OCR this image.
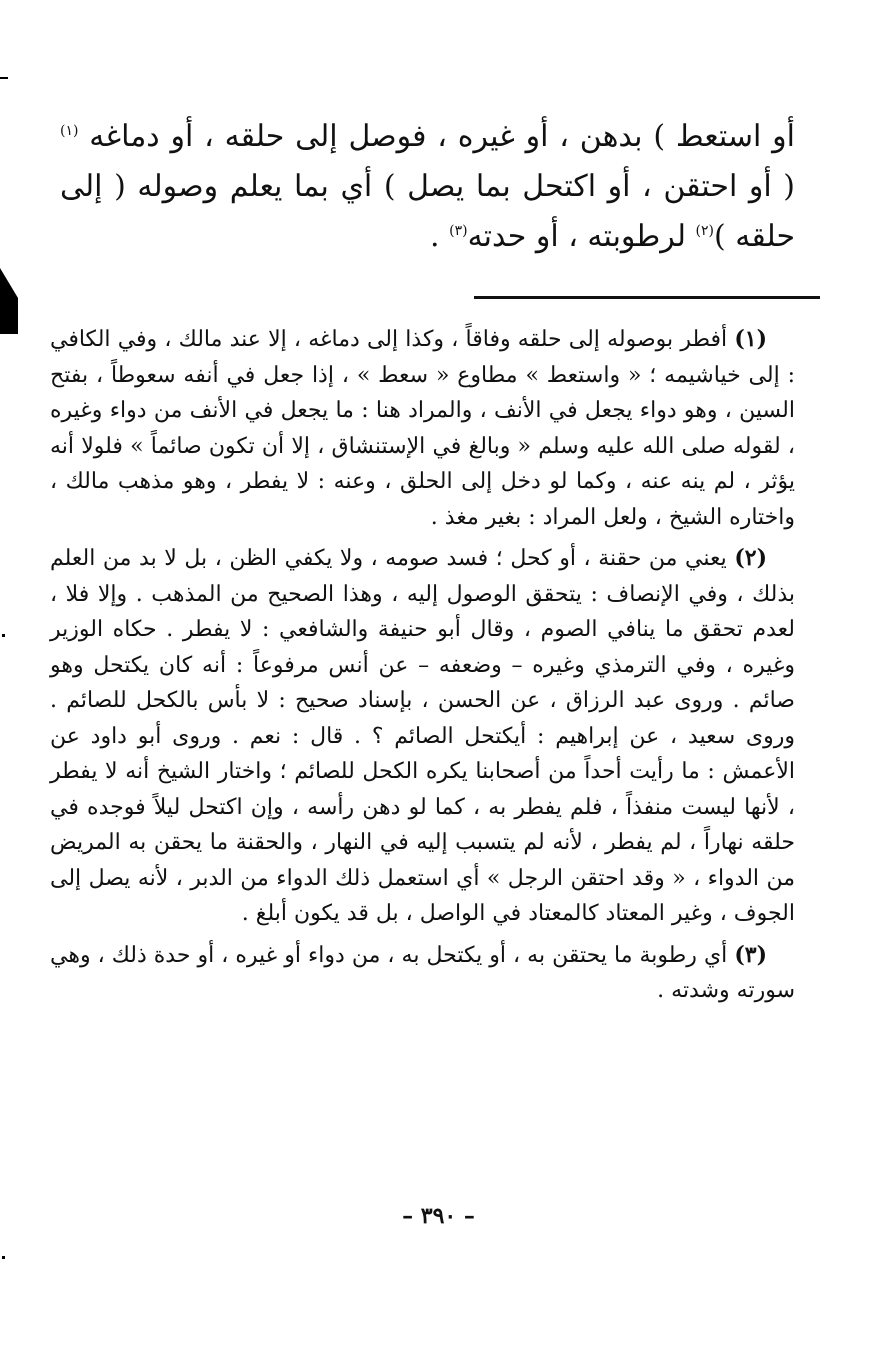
أو استعط ) بدهن ، أو غيره ، فوصل إلى حلقه ، أو دماغه $^{(١)}$ ( أو احتقن ، أو اكتحل بما يصل ) أي بما يعلم وصوله ( إلى حلقه )$^{(٢)}$ لرطوبته ، أو حدته$^{(٣)}$ .

(١) أفطر بوصوله إلى حلقه وفاقاً ، وكذا إلى دماغه ، إلا عند مالك ، وفي الكافي : إلى خياشيمه ؛ « واستعط » مطاوع « سعط » ، إذا جعل في أنفه سعوطاً ، بفتح السين ، وهو دواء يجعل في الأنف ، والمراد هنا : ما يجعل في الأنف من دواء وغيره ، لقوله صلى الله عليه وسلم « وبالغ في الإستنشاق ، إلا أن تكون صائماً » فلولا أنه يؤثر ، لم ينه عنه ، وكما لو دخل إلى الحلق ، وعنه : لا يفطر ، وهو مذهب مالك ، واختاره الشيخ ، ولعل المراد : بغير مغذ .

(٢) يعني من حقنة ، أو كحل ؛ فسد صومه ، ولا يكفي الظن ، بل لا بد من العلم بذلك ، وفي الإنصاف : يتحقق الوصول إليه ، وهذا الصحيح من المذهب . وإلا فلا ، لعدم تحقق ما ينافي الصوم ، وقال أبو حنيفة والشافعي : لا يفطر . حكاه الوزير وغيره ، وفي الترمذي وغيره – وضعفه – عن أنس مرفوعاً : أنه كان يكتحل وهو صائم . وروى عبد الرزاق ، عن الحسن ، بإسناد صحيح : لا بأس بالكحل للصائم . وروى سعيد ، عن إبراهيم : أيكتحل الصائم ؟ . قال : نعم . وروى أبو داود عن الأعمش : ما رأيت أحداً من أصحابنا يكره الكحل للصائم ؛ واختار الشيخ أنه لا يفطر ، لأنها ليست منفذاً ، فلم يفطر به ، كما لو دهن رأسه ، وإن اكتحل ليلاً فوجده في حلقه نهاراً ، لم يفطر ، لأنه لم يتسبب إليه في النهار ، والحقنة ما يحقن به المريض من الدواء ، « وقد احتقن الرجل » أي استعمل ذلك الدواء من الدبر ، لأنه يصل إلى الجوف ، وغير المعتاد كالمعتاد في الواصل ، بل قد يكون أبلغ .

(٣) أي رطوبة ما يحتقن به ، أو يكتحل به ، من دواء أو غيره ، أو حدة ذلك ، وهي سورته وشدته .

– ٣٩٠ –
